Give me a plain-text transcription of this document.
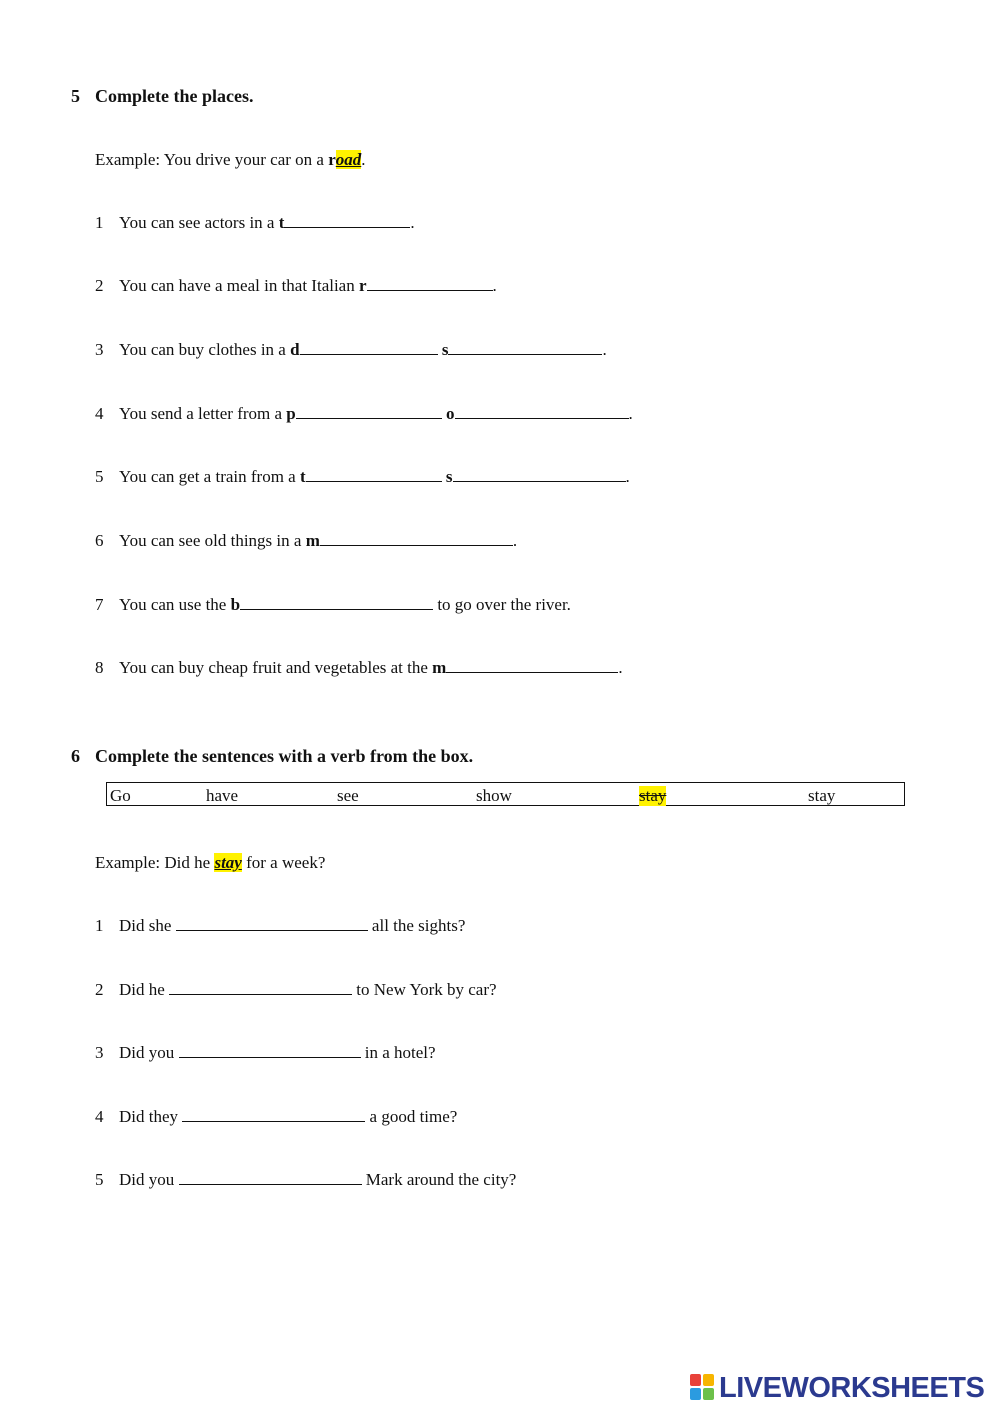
5 Complete the places.
Example: You drive your car on a road.
1 You can see actors in a t	.
2 You can have a meal in that Italian r	.
3 You can buy clothes in a d	s	.
4 You send a letter from a p	o	.
5 You can get a train from a t	s	.
6 You can see old things in a m	.
7 You can use the b	to go over the river.
8 You can buy cheap fruit and vegetables at the m	.
6 Complete the sentences with a verb from the box.
Go	have	see	show	stay	stay
Example: Did he stay for a week?
1 Did she	all the sights?
2 Did he	to New York by car?
3 Did you	in a hotel?
4 Did they	a good time?
5 Did you	Mark around the city?
LIVEWORKSHEETS
